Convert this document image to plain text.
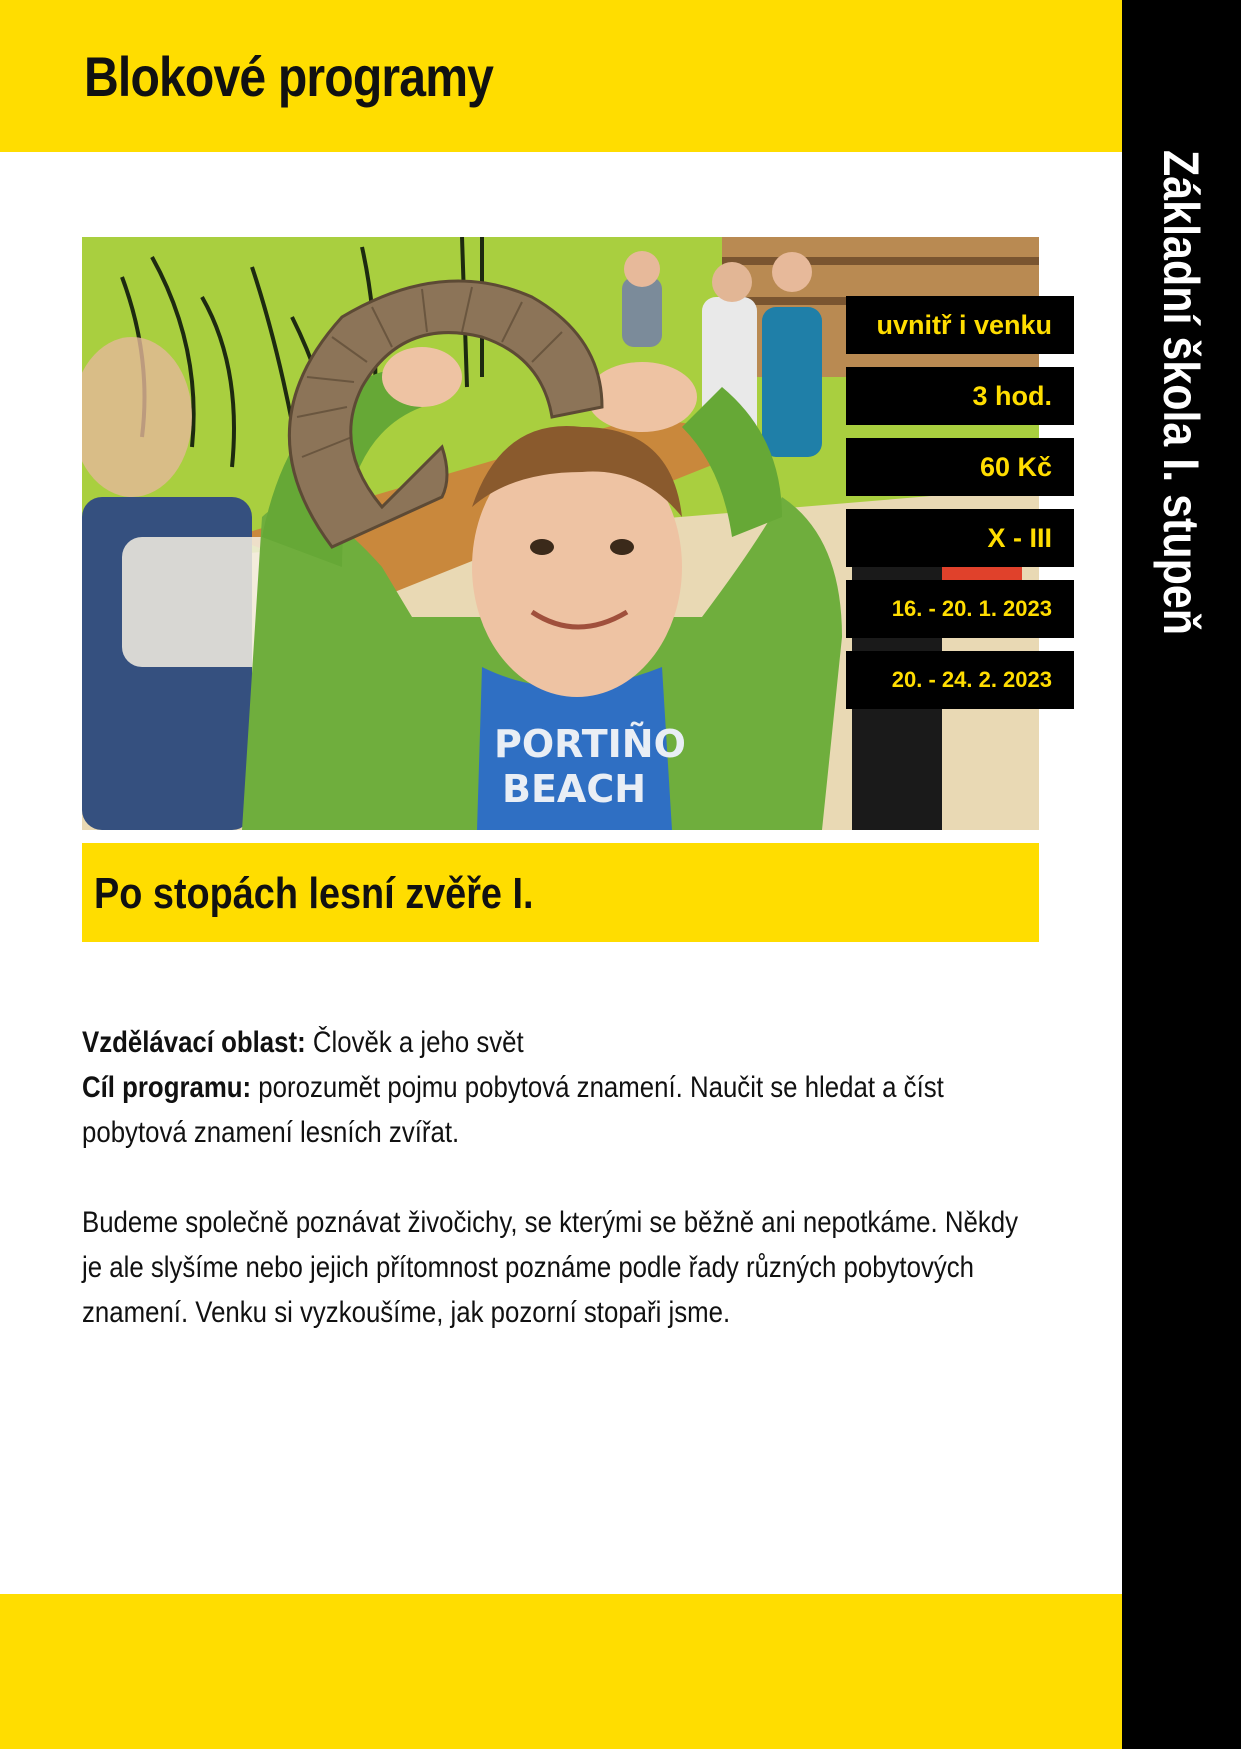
Blokové programy
Základní škola I. stupeň
PORTIÑO
BEACH
uvnitř i venku
3 hod.
60 Kč
X - III
16. - 20. 1. 2023
20. - 24. 2. 2023
Po stopách lesní zvěře I.

Vzdělávací oblast: Člověk a jeho svět

Cíl programu: porozumět pojmu pobytová znamení. Naučit se hledat a číst pobytová znamení lesních zvířat.

Budeme společně poznávat živočichy, se kterými se běžně ani nepotkáme. Někdy je ale slyšíme nebo jejich přítomnost poznáme podle řady různých pobytových znamení. Venku si vyzkoušíme, jak pozorní stopaři jsme.
